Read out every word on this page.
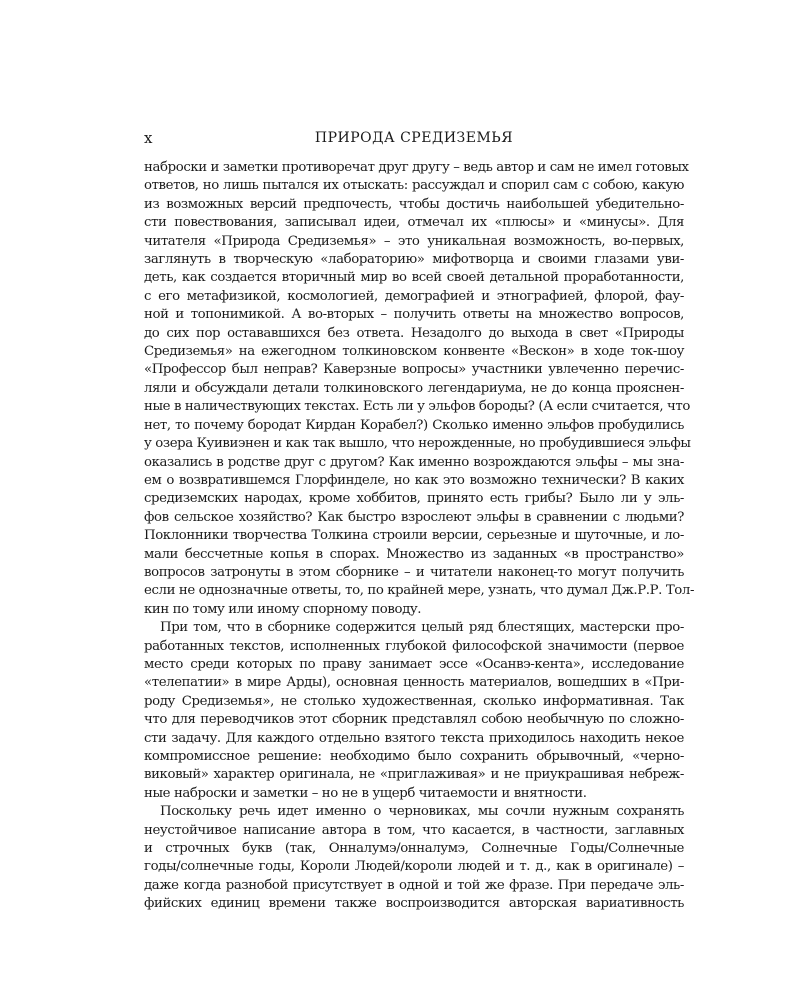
x	ПРИРОДА СРЕДИЗЕМЬЯ
наброски и заметки противоречат друг другу – ведь автор и сам не имел готовых
ответов, но лишь пытался их отыскать: рассуждал и спорил сам с собою, какую
из возможных версий предпочесть, чтобы достичь наибольшей убедительно-
сти повествования, записывал идеи, отмечал их «плюсы» и «минусы». Для
читателя «Природа Средиземья» – это уникальная возможность, во-первых,
заглянуть в творческую «лабораторию» мифотворца и своими глазами уви-
деть, как создается вторичный мир во всей своей детальной проработанности,
с его метафизикой, космологией, демографией и этнографией, флорой, фау-
ной и топонимикой. А во-вторых – получить ответы на множество вопросов,
до сих пор остававшихся без ответа. Незадолго до выхода в свет «Природы
Средиземья» на ежегодном толкиновском конвенте «Вескон» в ходе ток-шоу
«Профессор был неправ? Каверзные вопросы» участники увлеченно перечис-
ляли и обсуждали детали толкиновского легендариума, не до конца прояснен-
ные в наличествующих текстах. Есть ли у эльфов бороды? (А если считается, что
нет, то почему бородат Кирдан Корабел?) Сколько именно эльфов пробудились
у озера Куивиэнен и как так вышло, что нерожденные, но пробудившиеся эльфы
оказались в родстве друг с другом? Как именно возрождаются эльфы – мы зна-
ем о возвратившемся Глорфинделе, но как это возможно технически? В каких
средиземских народах, кроме хоббитов, принято есть грибы? Было ли у эль-
фов сельское хозяйство? Как быстро взрослеют эльфы в сравнении с людьми?
Поклонники творчества Толкина строили версии, серьезные и шуточные, и ло-
мали бессчетные копья в спорах. Множество из заданных «в пространство»
вопросов затронуты в этом сборнике – и читатели наконец-то могут получить
если не однозначные ответы, то, по крайней мере, узнать, что думал Дж.Р.Р. Тол-
кин по тому или иному спорному поводу.
При том, что в сборнике содержится целый ряд блестящих, мастерски про-
работанных текстов, исполненных глубокой философской значимости (первое
место среди которых по праву занимает эссе «Осанвэ-кента», исследование
«телепатии» в мире Арды), основная ценность материалов, вошедших в «При-
роду Средиземья», не столько художественная, сколько информативная. Так
что для переводчиков этот сборник представлял собою необычную по сложно-
сти задачу. Для каждого отдельно взятого текста приходилось находить некое
компромиссное решение: необходимо было сохранить обрывочный, «черно-
виковый» характер оригинала, не «приглаживая» и не приукрашивая небреж-
ные наброски и заметки – но не в ущерб читаемости и внятности.
Поскольку речь идет именно о черновиках, мы сочли нужным сохранять
неустойчивое написание автора в том, что касается, в частности, заглавных
и строчных букв (так, Онналумэ/онналумэ, Солнечные Годы/Солнечные
годы/солнечные годы, Короли Людей/короли людей и т. д., как в оригинале) –
даже когда разнобой присутствует в одной и той же фразе. При передаче эль-
фийских единиц времени также воспроизводится авторская вариативность
